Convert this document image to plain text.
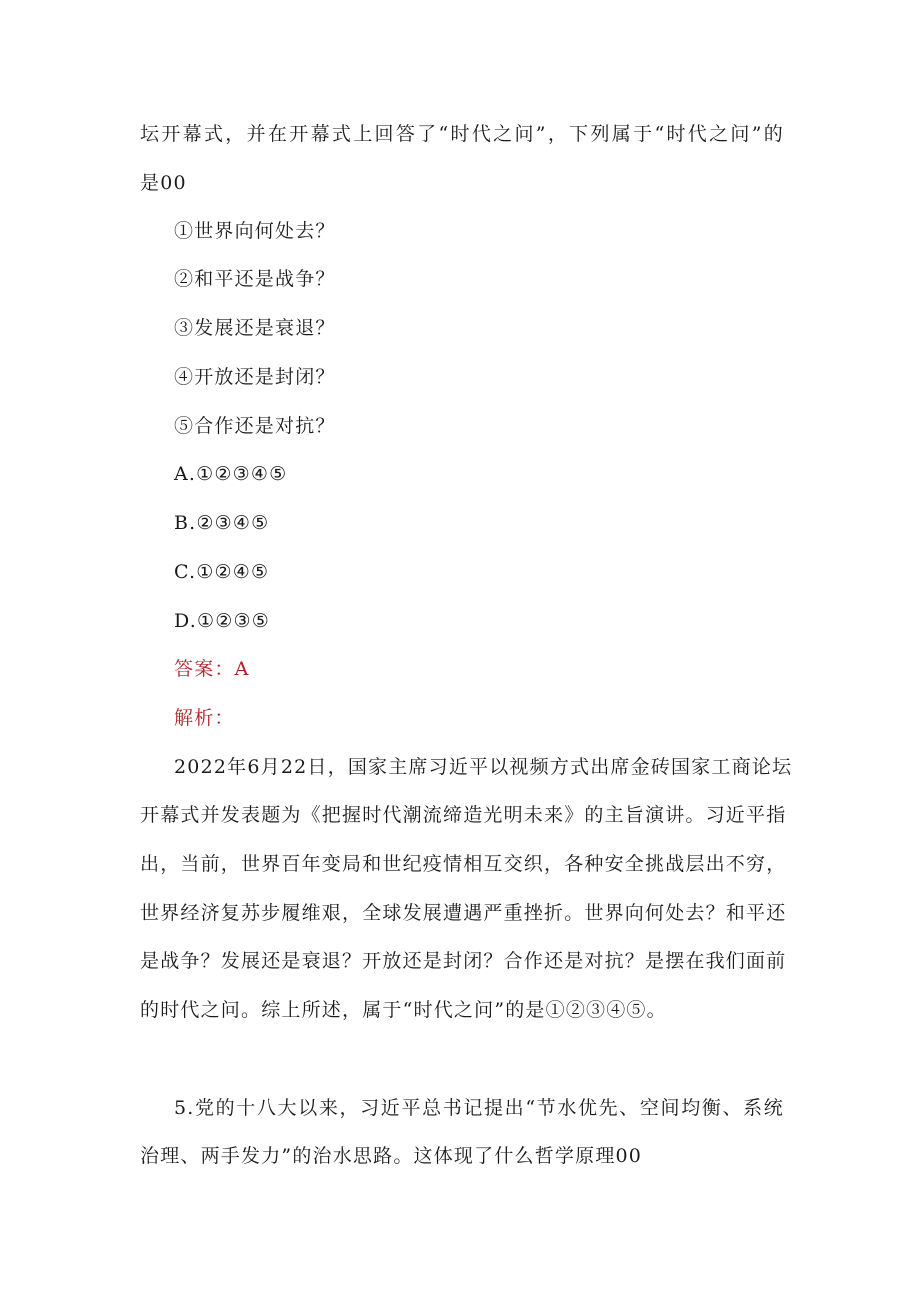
坛开幕式，并在开幕式上回答了“时代之问”，下列属于“时代之问”的
是00
①世界向何处去？
②和平还是战争？
③发展还是衰退？
④开放还是封闭？
⑤合作还是对抗？
A.①②③④⑤
B.②③④⑤
C.①②④⑤
D.①②③⑤
答案：A
解析：
2022年6月22日，国家主席习近平以视频方式出席金砖国家工商论坛
开幕式并发表题为《把握时代潮流缔造光明未来》的主旨演讲。习近平指
出，当前，世界百年变局和世纪疫情相互交织，各种安全挑战层出不穷，
世界经济复苏步履维艰，全球发展遭遇严重挫折。世界向何处去？和平还
是战争？发展还是衰退？开放还是封闭？合作还是对抗？是摆在我们面前
的时代之问。综上所述，属于“时代之问”的是①②③④⑤。
5.党的十八大以来，习近平总书记提出“节水优先、空间均衡、系统
治理、两手发力”的治水思路。这体现了什么哲学原理00
